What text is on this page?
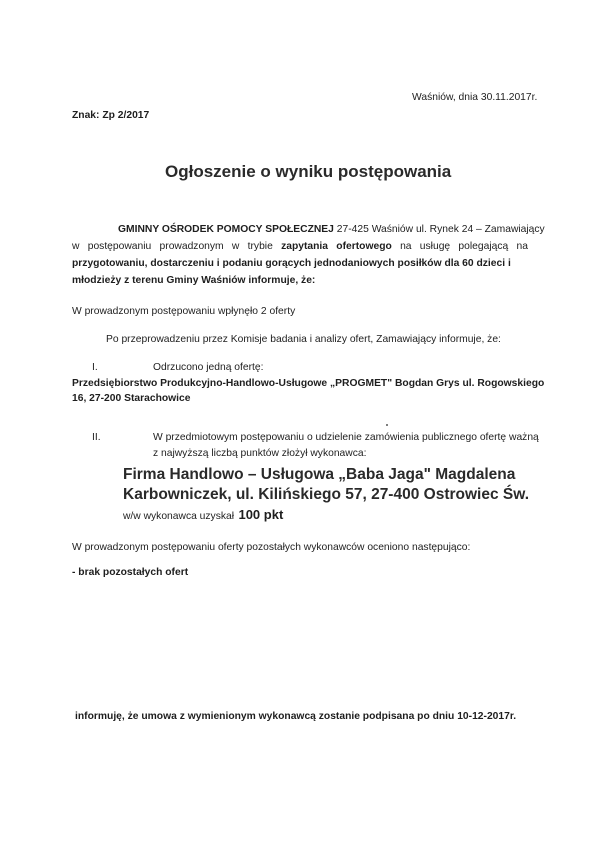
Waśniów, dnia 30.11.2017r.
Znak: Zp 2/2017
Ogłoszenie o wyniku postępowania
GMINNY OŚRODEK POMOCY SPOŁECZNEJ 27-425 Waśniów ul. Rynek 24 – Zamawiający
w postępowaniu prowadzonym w trybie zapytania ofertowego na usługę polegającą na
przygotowaniu, dostarczeniu i podaniu gorących jednodaniowych posiłków dla 60 dzieci i
młodzieży z terenu Gminy Waśniów informuje, że:
W prowadzonym postępowaniu wpłynęło 2 oferty
Po przeprowadzeniu przez Komisje badania i analizy ofert, Zamawiający informuje, że:
I.	Odrzucono jedną ofertę:
Przedsiębiorstwo Produkcyjno-Handlowo-Usługowe „PROGMET" Bogdan Grys ul. Rogowskiego
16, 27-200 Starachowice
II.	W przedmiotowym postępowaniu o udzielenie zamówienia publicznego ofertę ważną
z najwyższą liczbą punktów złożył wykonawca:
Firma Handlowo – Usługowa „Baba Jaga" Magdalena
Karbowniczek, ul. Kilińskiego 57, 27-400 Ostrowiec Św.
w/w wykonawca uzyskał 100 pkt
W prowadzonym postępowaniu oferty pozostałych wykonawców oceniono następująco:
- brak pozostałych ofert
informuję, że umowa z wymienionym wykonawcą zostanie podpisana po dniu 10-12-2017r.
